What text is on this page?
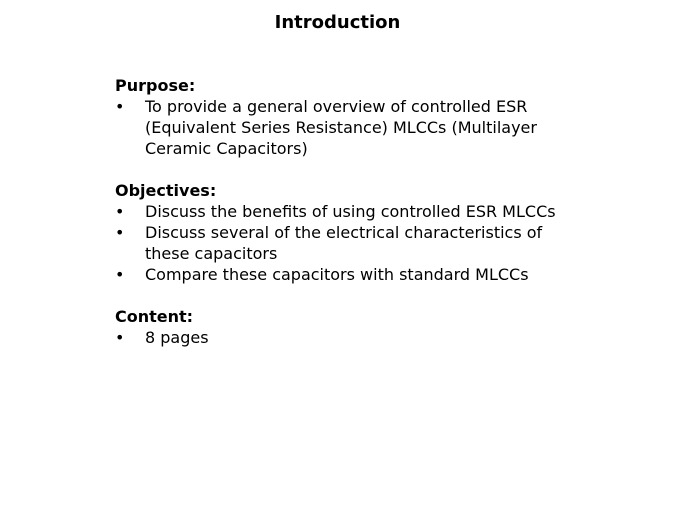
Introduction
Purpose:
• To provide a general overview of controlled ESR (Equivalent Series Resistance) MLCCs (Multilayer Ceramic Capacitors)
Objectives:
• Discuss the benefits of using controlled ESR MLCCs
• Discuss several of the electrical characteristics of these capacitors
• Compare these capacitors with standard MLCCs
Content:
• 8 pages
